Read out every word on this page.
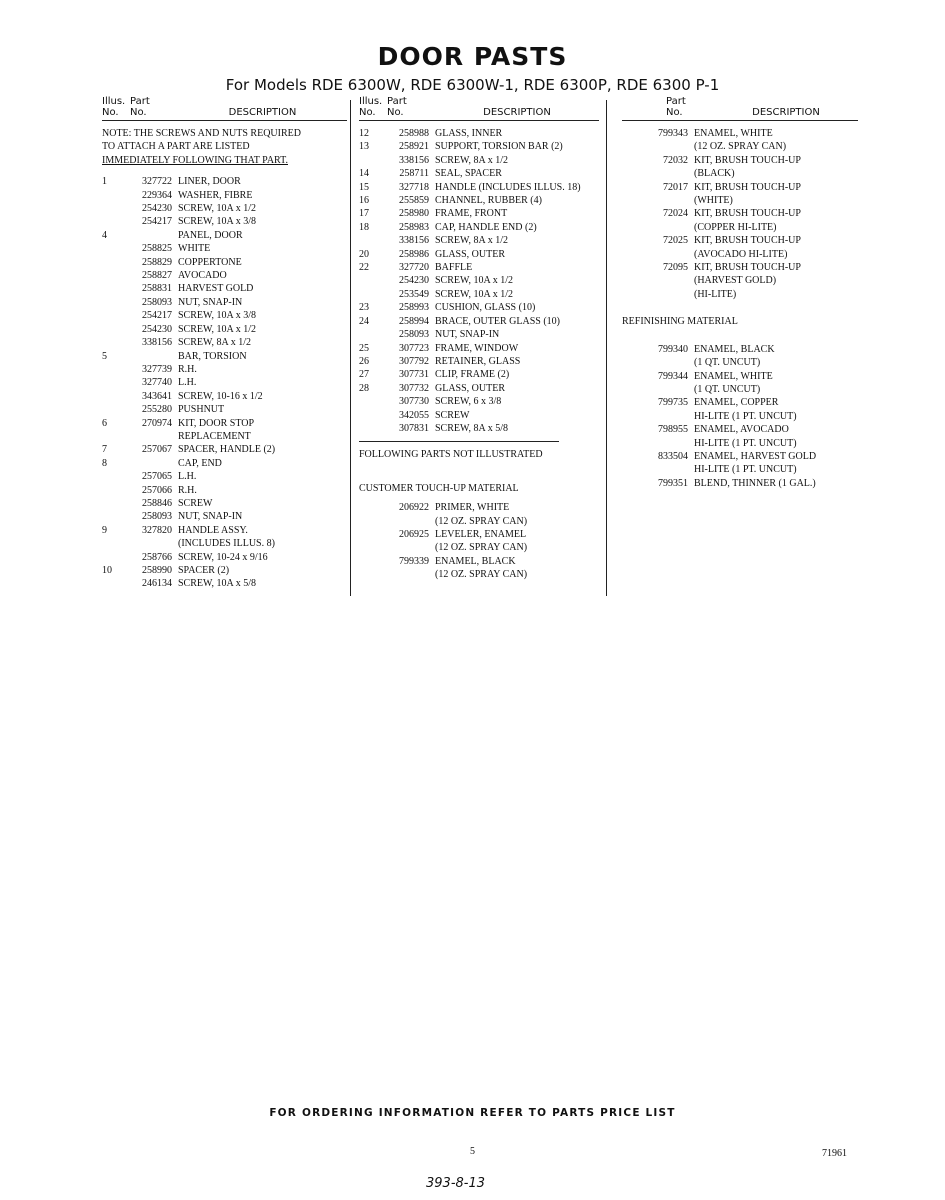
DOOR PASTS
For Models RDE 6300W, RDE 6300W-1, RDE 6300P, RDE 6300 P-1
Illus. Part
No.	No.	DESCRIPTION
NOTE: THE SCREWS AND NUTS REQUIRED
TO ATTACH A PART ARE LISTED
IMMEDIATELY FOLLOWING THAT PART.
1	327722 LINER, DOOR
229364 WASHER, FIBRE
254230 SCREW, 10A x 1/2
254217 SCREW, 10A x 3/8
4	PANEL, DOOR
258825 WHITE
258829 COPPERTONE
258827 AVOCADO
258831 HARVEST GOLD
258093 NUT, SNAP-IN
254217 SCREW, 10A x 3/8
254230 SCREW, 10A x 1/2
338156 SCREW, 8A x 1/2
5	BAR, TORSION
327739 R.H.
327740 L.H.
343641 SCREW, 10-16 x 1/2
255280 PUSHNUT
6	270974 KIT, DOOR STOP
REPLACEMENT
7	257067 SPACER, HANDLE (2)
8	CAP, END
257065 L.H.
257066 R.H.
258846 SCREW
258093 NUT, SNAP-IN
9	327820 HANDLE ASSY.
(INCLUDES ILLUS. 8)
258766 SCREW, 10-24 x 9/16
10	258990 SPACER (2)
246134 SCREW, 10A x 5/8
Illus. Part
No.	No.	DESCRIPTION
12	258988 GLASS, INNER
13	258921 SUPPORT, TORSION BAR (2)
338156 SCREW, 8A x 1/2
14	258711 SEAL, SPACER
15	327718 HANDLE (INCLUDES ILLUS. 18)
16	255859 CHANNEL, RUBBER (4)
17	258980 FRAME, FRONT
18	258983 CAP, HANDLE END (2)
338156 SCREW, 8A x 1/2
20	258986 GLASS, OUTER
22	327720 BAFFLE
254230 SCREW, 10A x 1/2
253549 SCREW, 10A x 1/2
23	258993 CUSHION, GLASS (10)
24	258994 BRACE, OUTER GLASS (10)
258093 NUT, SNAP-IN
25	307723 FRAME, WINDOW
26	307792 RETAINER, GLASS
27	307731 CLIP, FRAME (2)
28	307732 GLASS, OUTER
307730 SCREW, 6 x 3/8
342055 SCREW
307831 SCREW, 8A x 5/8
FOLLOWING PARTS NOT ILLUSTRATED
CUSTOMER TOUCH-UP MATERIAL
206922 PRIMER, WHITE
(12 OZ. SPRAY CAN)
206925 LEVELER, ENAMEL
(12 OZ. SPRAY CAN)
799339 ENAMEL, BLACK
(12 OZ. SPRAY CAN)
Part
No.	DESCRIPTION
799343 ENAMEL, WHITE
(12 OZ. SPRAY CAN)
72032 KIT, BRUSH TOUCH-UP
(BLACK)
72017 KIT, BRUSH TOUCH-UP
(WHITE)
72024 KIT, BRUSH TOUCH-UP
(COPPER HI-LITE)
72025 KIT, BRUSH TOUCH-UP
(AVOCADO HI-LITE)
72095 KIT, BRUSH TOUCH-UP
(HARVEST GOLD)
(HI-LITE)
REFINISHING MATERIAL
799340 ENAMEL, BLACK
(1 QT. UNCUT)
799344 ENAMEL, WHITE
(1 QT. UNCUT)
799735 ENAMEL, COPPER
HI-LITE (1 PT. UNCUT)
798955 ENAMEL, AVOCADO
HI-LITE (1 PT. UNCUT)
833504 ENAMEL, HARVEST GOLD
HI-LITE (1 PT. UNCUT)
799351 BLEND, THINNER (1 GAL.)
FOR ORDERING INFORMATION REFER TO PARTS PRICE LIST
5	71961
393-8-13
